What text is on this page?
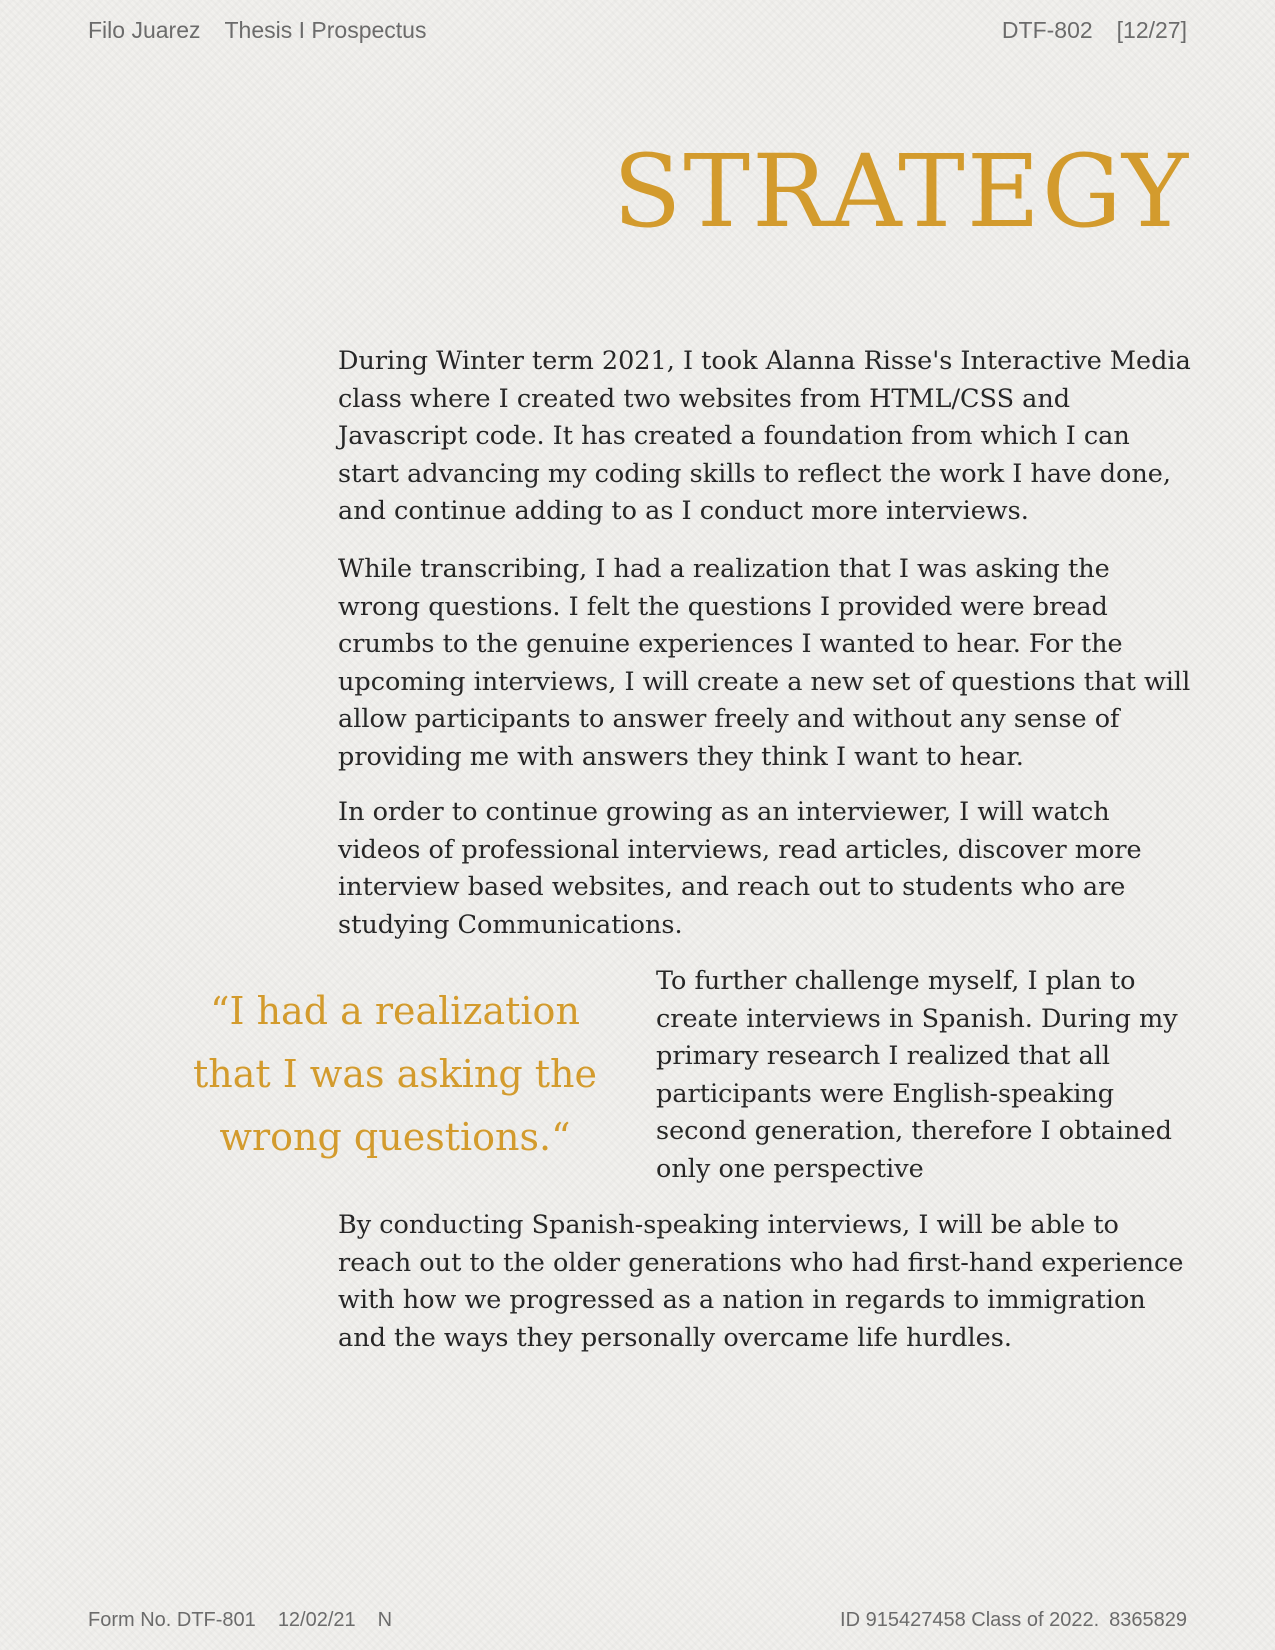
Filo Juarez Thesis I Prospectus	DTF-802 [12/27]
STRATEGY

During Winter term 2021, I took Alanna Risse's Interactive Media class where I created two websites from HTML/CSS and Javascript code. It has created a foundation from which I can start advancing my coding skills to reflect the work I have done, and continue adding to as I conduct more interviews.

While transcribing, I had a realization that I was asking the wrong questions. I felt the questions I provided were bread crumbs to the genuine experiences I wanted to hear. For the upcoming interviews, I will create a new set of questions that will allow participants to answer freely and without any sense of providing me with answers they think I want to hear.

In order to continue growing as an interviewer, I will watch videos of professional interviews, read articles, discover more interview based websites, and reach out to students who are studying Communications.

“I had a realization that I was asking the wrong questions.“

To further challenge myself, I plan to create interviews in Spanish. During my primary research I realized that all participants were English-speaking second generation, therefore I obtained only one perspective

By conducting Spanish-speaking interviews, I will be able to reach out to the older generations who had first-hand experience with how we progressed as a nation in regards to immigration and the ways they personally overcame life hurdles.

Form No. DTF-801 12/02/21 N	ID 915427458 Class of 2022. 8365829
